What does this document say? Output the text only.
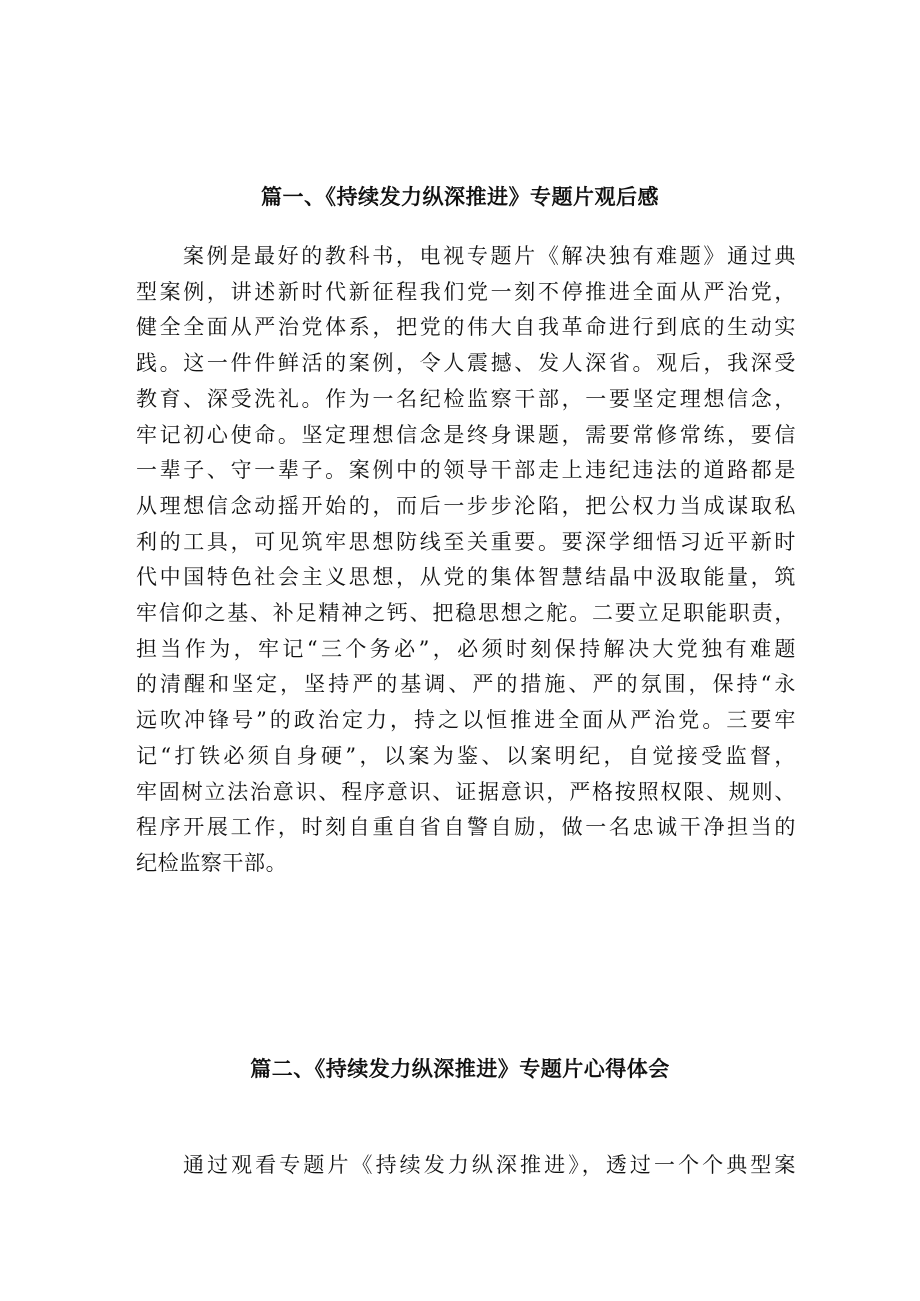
篇一、《持续发力纵深推进》专题片观后感
案例是最好的教科书，电视专题片《解决独有难题》通过典
型案例，讲述新时代新征程我们党一刻不停推进全面从严治党，
健全全面从严治党体系，把党的伟大自我革命进行到底的生动实
践。这一件件鲜活的案例，令人震撼、发人深省。观后，我深受
教育、深受洗礼。作为一名纪检监察干部，一要坚定理想信念，
牢记初心使命。坚定理想信念是终身课题，需要常修常练，要信
一辈子、守一辈子。案例中的领导干部走上违纪违法的道路都是
从理想信念动摇开始的，而后一步步沦陷，把公权力当成谋取私
利的工具，可见筑牢思想防线至关重要。要深学细悟习近平新时
代中国特色社会主义思想，从党的集体智慧结晶中汲取能量，筑
牢信仰之基、补足精神之钙、把稳思想之舵。二要立足职能职责，
担当作为，牢记“三个务必”，必须时刻保持解决大党独有难题
的清醒和坚定，坚持严的基调、严的措施、严的氛围，保持“永
远吹冲锋号”的政治定力，持之以恒推进全面从严治党。三要牢
记“打铁必须自身硬”，以案为鉴、以案明纪，自觉接受监督，
牢固树立法治意识、程序意识、证据意识，严格按照权限、规则、
程序开展工作，时刻自重自省自警自励，做一名忠诚干净担当的
纪检监察干部。
篇二、《持续发力纵深推进》专题片心得体会
通过观看专题片《持续发力纵深推进》，透过一个个典型案
